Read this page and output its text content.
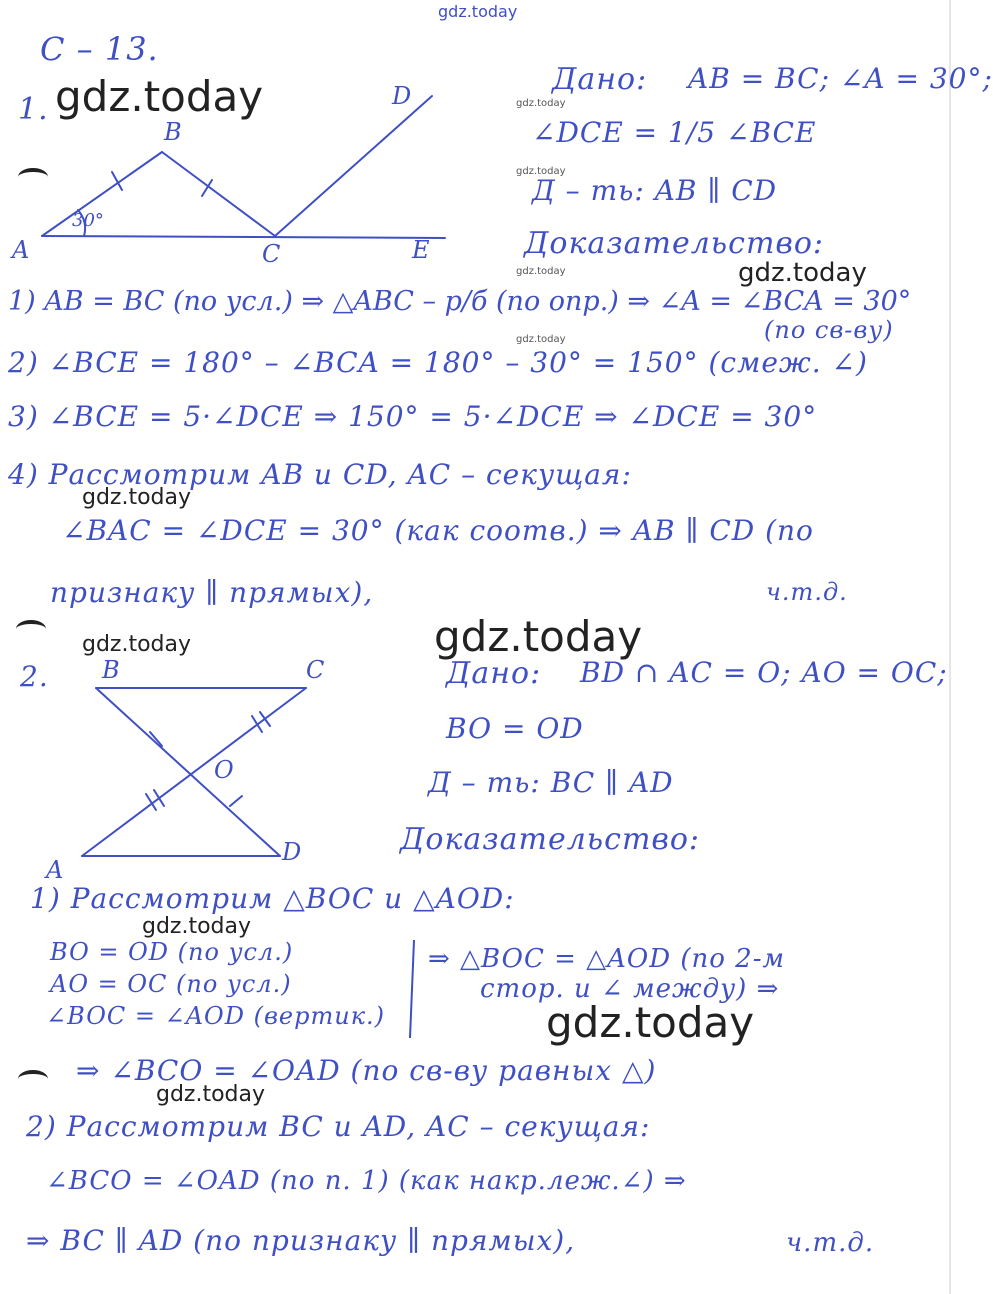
gdz.today
gdz.today	gdz.today
gdz.today
gdz.today	gdz.today
gdz.today
gdz.today
gdz.today
gdz.today
gdz.today
gdz.today
gdz.today
С – 13.
1.
B
D
A	C	E
30°
Дано: AB = BC; ∠A = 30°;
∠DCE = 1/5 ∠BCE
Д – ть: AB ∥ CD
Доказательство:
1) AB = BC (по усл.) ⇒ △ABC – р/б (по опр.) ⇒ ∠A = ∠BCA = 30°
(по св-ву)
2) ∠BCE = 180° – ∠BCA = 180° – 30° = 150° (смеж. ∠)
3) ∠BCE = 5·∠DCE ⇒ 150° = 5·∠DCE ⇒ ∠DCE = 30°
4) Рассмотрим AB и CD, AC – секущая:
∠BAC = ∠DCE = 30° (как соотв.) ⇒ AB ∥ CD (по
признаку ∥ прямых),	ч.т.д.
2. B	C
O
A
D
Дано: BD ∩ AC = O; AO = OC;
BO = OD
Д – ть: BC ∥ AD
Доказательство:
1) Рассмотрим △BOC и △AOD:
BO = OD (по усл.)
AO = OC (по усл.)
∠BOC = ∠AOD (вертик.)
⇒ △BOC = △AOD (по 2-м
стор. и ∠ между) ⇒
⇒ ∠BCO = ∠OAD (по св-ву равных △)
2) Рассмотрим BC и AD, AC – секущая:
∠BCO = ∠OAD (по п. 1) (как накр.леж.∠) ⇒
⇒ BC ∥ AD (по признаку ∥ прямых),	ч.т.д.
